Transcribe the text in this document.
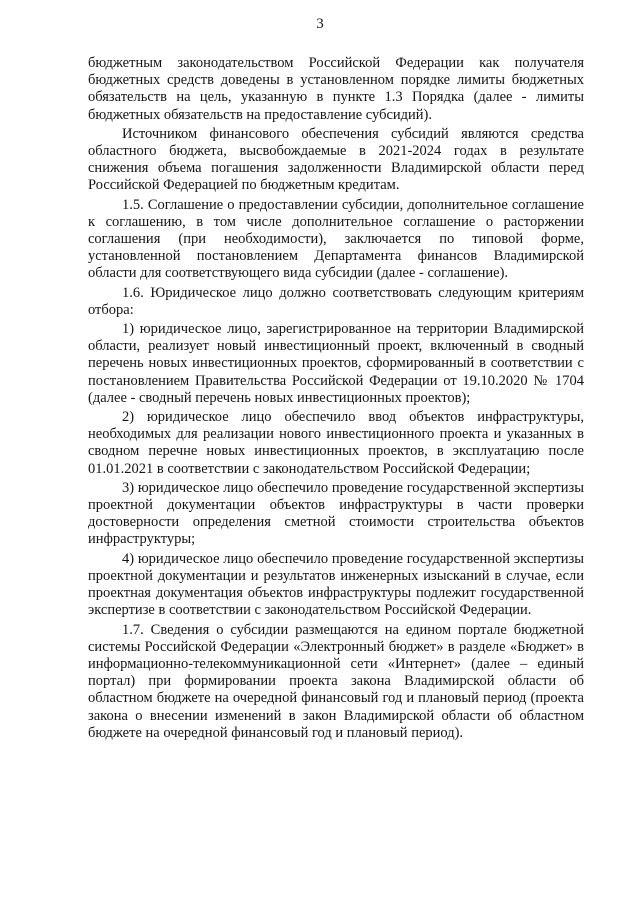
3

бюджетным законодательством Российской Федерации как получателя бюджетных средств доведены в установленном порядке лимиты бюджетных обязательств на цель, указанную в пункте 1.3 Порядка (далее - лимиты бюджетных обязательств на предоставление субсидий).

Источником финансового обеспечения субсидий являются средства областного бюджета, высвобождаемые в 2021-2024 годах в результате снижения объема погашения задолженности Владимирской области перед Российской Федерацией по бюджетным кредитам.

1.5. Соглашение о предоставлении субсидии, дополнительное соглашение к соглашению, в том числе дополнительное соглашение о расторжении соглашения (при необходимости), заключается по типовой форме, установленной постановлением Департамента финансов Владимирской области для соответствующего вида субсидии (далее - соглашение).

1.6. Юридическое лицо должно соответствовать следующим критериям отбора:

1) юридическое лицо, зарегистрированное на территории Владимирской области, реализует новый инвестиционный проект, включенный в сводный перечень новых инвестиционных проектов, сформированный в соответствии с постановлением Правительства Российской Федерации от 19.10.2020 № 1704 (далее - сводный перечень новых инвестиционных проектов);

2) юридическое лицо обеспечило ввод объектов инфраструктуры, необходимых для реализации нового инвестиционного проекта и указанных в сводном перечне новых инвестиционных проектов, в эксплуатацию после 01.01.2021 в соответствии с законодательством Российской Федерации;

3) юридическое лицо обеспечило проведение государственной экспертизы проектной документации объектов инфраструктуры в части проверки достоверности определения сметной стоимости строительства объектов инфраструктуры;

4) юридическое лицо обеспечило проведение государственной экспертизы проектной документации и результатов инженерных изысканий в случае, если проектная документация объектов инфраструктуры подлежит государственной экспертизе в соответствии с законодательством Российской Федерации.

1.7. Сведения о субсидии размещаются на едином портале бюджетной системы Российской Федерации «Электронный бюджет» в разделе «Бюджет» в информационно-телекоммуникационной сети «Интернет» (далее – единый портал) при формировании проекта закона Владимирской области об областном бюджете на очередной финансовый год и плановый период (проекта закона о внесении изменений в закон Владимирской области об областном бюджете на очередной финансовый год и плановый период).
